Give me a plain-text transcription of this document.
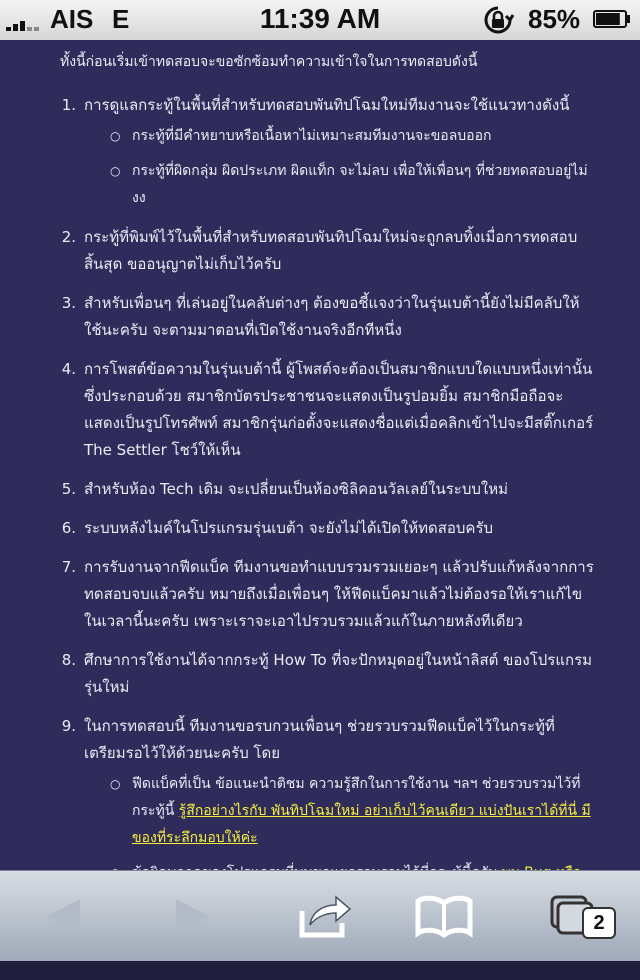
AIS E	11:39 AM	85%
ทั้งนี้ก่อนเริ่มเข้าทดสอบจะขอซักซ้อมทำความเข้าใจในการทดสอบดังนี้
1. การดูแลกระทู้ในพื้นที่สำหรับทดสอบพันทิปโฉมใหม่ทีมงานจะใช้แนวทางดังนี้
○ กระทู้ที่มีคำหยาบหรือเนื้อหาไม่เหมาะสมทีมงานจะขอลบออก
○ กระทู้ที่ผิดกลุ่ม ผิดประเภท ผิดแท็ก จะไม่ลบ เพื่อให้เพื่อนๆ ที่ช่วยทดสอบอยู่ไม่งง
2. กระทู้ที่พิมพ์ไว้ในพื้นที่สำหรับทดสอบพันทิปโฉมใหม่จะถูกลบทิ้งเมื่อการทดสอบสิ้นสุด ขออนุญาตไม่เก็บไว้ครับ
3. สำหรับเพื่อนๆ ที่เล่นอยู่ในคลับต่างๆ ต้องขอชี้แจงว่าในรุ่นเบต้านี้ยังไม่มีคลับให้ใช้นะครับ จะตามมาตอนที่เปิดใช้งานจริงอีกทีหนึ่ง
4. การโพสต์ข้อความในรุ่นเบต้านี้ ผู้โพสต์จะต้องเป็นสมาชิกแบบใดแบบหนึ่งเท่านั้น ซึ่งประกอบด้วย สมาชิกบัตรประชาชนจะแสดงเป็นรูปอมยิ้ม สมาชิกมือถือจะแสดงเป็นรูปโทรศัพท์ สมาชิกรุ่นก่อตั้งจะแสดงชื่อแต่เมื่อคลิกเข้าไปจะมีสติ๊กเกอร์ The Settler โชว์ให้เห็น
5. สำหรับห้อง Tech เดิม จะเปลี่ยนเป็นห้องซิลิคอนวัลเลย์ในระบบใหม่
6. ระบบหลังไมค์ในโปรแกรมรุ่นเบต้า จะยังไม่ได้เปิดให้ทดสอบครับ
7. การรับงานจากฟีดแบ็ค ทีมงานขอทำแบบรวมรวมเยอะๆ แล้วปรับแก้หลังจากการทดสอบจบแล้วครับ หมายถึงเมื่อเพื่อนๆ ให้ฟีดแบ็คมาแล้วไม่ต้องรอให้เราแก้ไขในเวลานี้นะครับ เพราะเราจะเอาไปรวบรวมแล้วแก้ในภายหลังทีเดียว
8. ศึกษาการใช้งานได้จากกระทู้ How To ที่จะปักหมุดอยู่ในหน้าลิสต์ ของโปรแกรมรุ่นใหม่
9. ในการทดสอบนี้ ทีมงานขอรบกวนเพื่อนๆ ช่วยรวบรวมฟีดแบ็คไว้ในกระทู้ที่เตรียมรอไว้ให้ด้วยนะครับ โดย
○ ฟีดแบ็คที่เป็น ข้อแนะนำติชม ความรู้สึกในการใช้งาน ฯลฯ ช่วยรวบรวมไว้ที่กระทู้นี้ รู้สึกอย่างไรกับ พันทิปโฉมใหม่ อย่าเก็บไว้คนเดียว แบ่งปันเราได้ที่นี่ มีของที่ระลึกมอบให้ค่ะ
2
